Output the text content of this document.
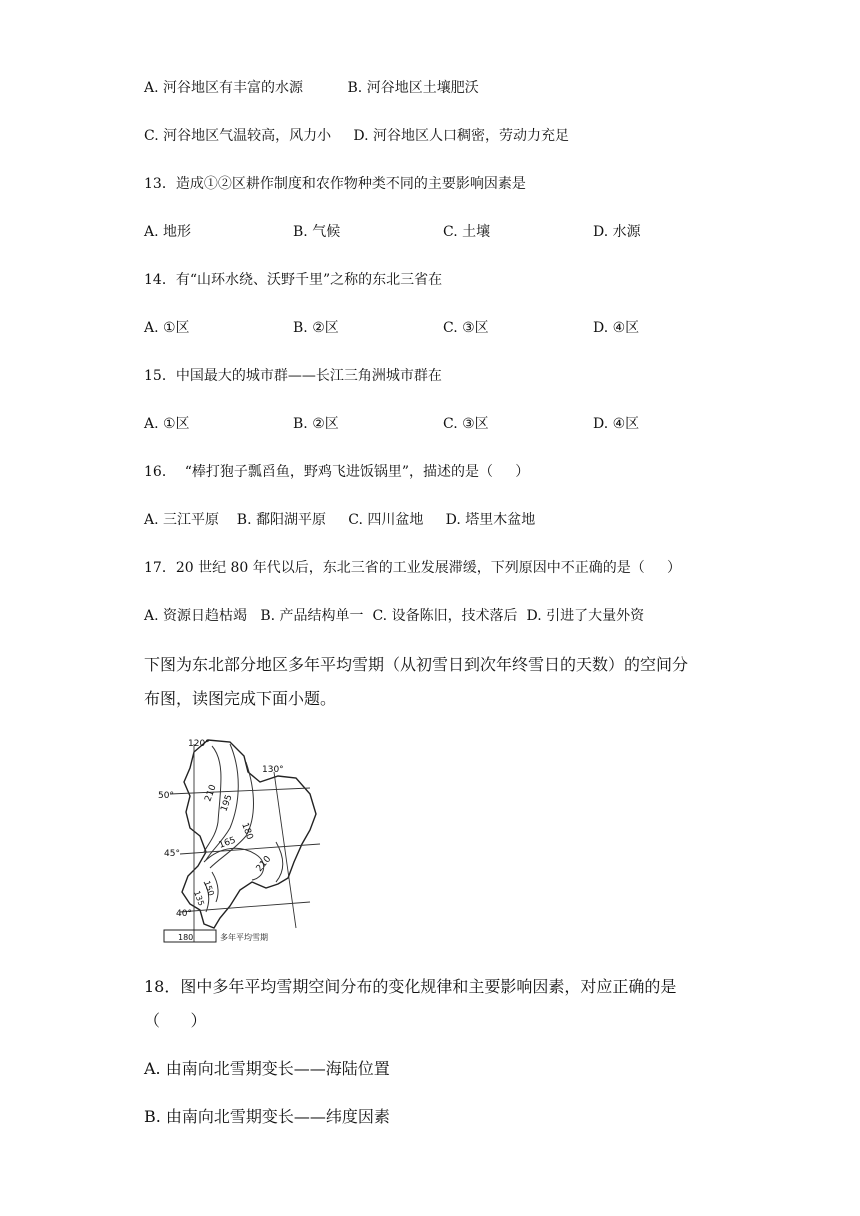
A. 河谷地区有丰富的水源          B. 河谷地区土壤肥沃
C. 河谷地区气温较高，风力小     D. 河谷地区人口稠密，劳动力充足
13．造成①②区耕作制度和农作物种类不同的主要影响因素是
A. 地形	B. 气候	C. 土壤	D. 水源
14．有“山环水绕、沃野千里”之称的东北三省在
A. ①区	B. ②区	C. ③区	D. ④区
15．中国最大的城市群——长江三角洲城市群在
A. ①区	B. ②区	C. ③区	D. ④区
16．  “棒打狍子瓢舀鱼，野鸡飞进饭锅里”，描述的是（     ）
A. 三江平原    B. 鄱阳湖平原     C. 四川盆地     D. 塔里木盆地
17．20 世纪 80 年代以后，东北三省的工业发展滞缓，下列原因中不正确的是（     ）
A. 资源日趋枯竭   B. 产品结构单一  C. 设备陈旧，技术落后  D. 引进了大量外资
下图为东北部分地区多年平均雪期（从初雪日到次年终雪日的天数）的空间分
布图，读图完成下面小题。
120°
130°
50°
45°
40°
210
195
180
165
210
150
135
180	多年平均雪期
18．图中多年平均雪期空间分布的变化规律和主要影响因素，对应正确的是
（      ）
A. 由南向北雪期变长——海陆位置
B. 由南向北雪期变长——纬度因素
